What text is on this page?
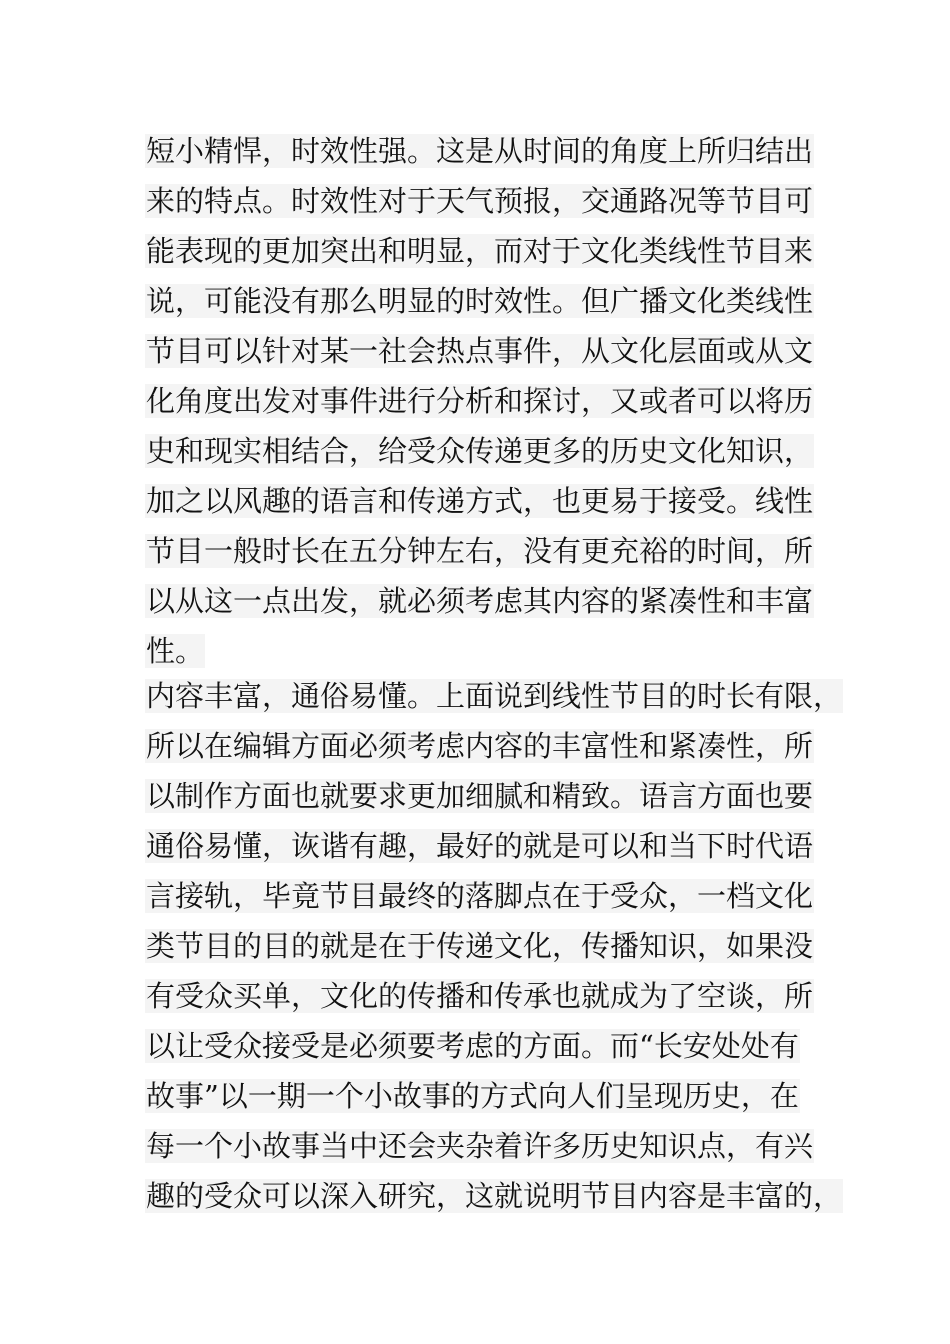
短小精悍，时效性强。这是从时间的角度上所归结出
来的特点。时效性对于天气预报，交通路况等节目可
能表现的更加突出和明显，而对于文化类线性节目来
说，可能没有那么明显的时效性。但广播文化类线性
节目可以针对某一社会热点事件，从文化层面或从文
化角度出发对事件进行分析和探讨，又或者可以将历
史和现实相结合，给受众传递更多的历史文化知识，
加之以风趣的语言和传递方式，也更易于接受。线性
节目一般时长在五分钟左右，没有更充裕的时间，所
以从这一点出发，就必须考虑其内容的紧凑性和丰富
性。
内容丰富，通俗易懂。上面说到线性节目的时长有限，
所以在编辑方面必须考虑内容的丰富性和紧凑性，所
以制作方面也就要求更加细腻和精致。语言方面也要
通俗易懂，诙谐有趣，最好的就是可以和当下时代语
言接轨，毕竟节目最终的落脚点在于受众，一档文化
类节目的目的就是在于传递文化，传播知识，如果没
有受众买单，文化的传播和传承也就成为了空谈，所
以让受众接受是必须要考虑的方面。而“长安处处有
故事”以一期一个小故事的方式向人们呈现历史，在
每一个小故事当中还会夹杂着许多历史知识点，有兴
趣的受众可以深入研究，这就说明节目内容是丰富的，
